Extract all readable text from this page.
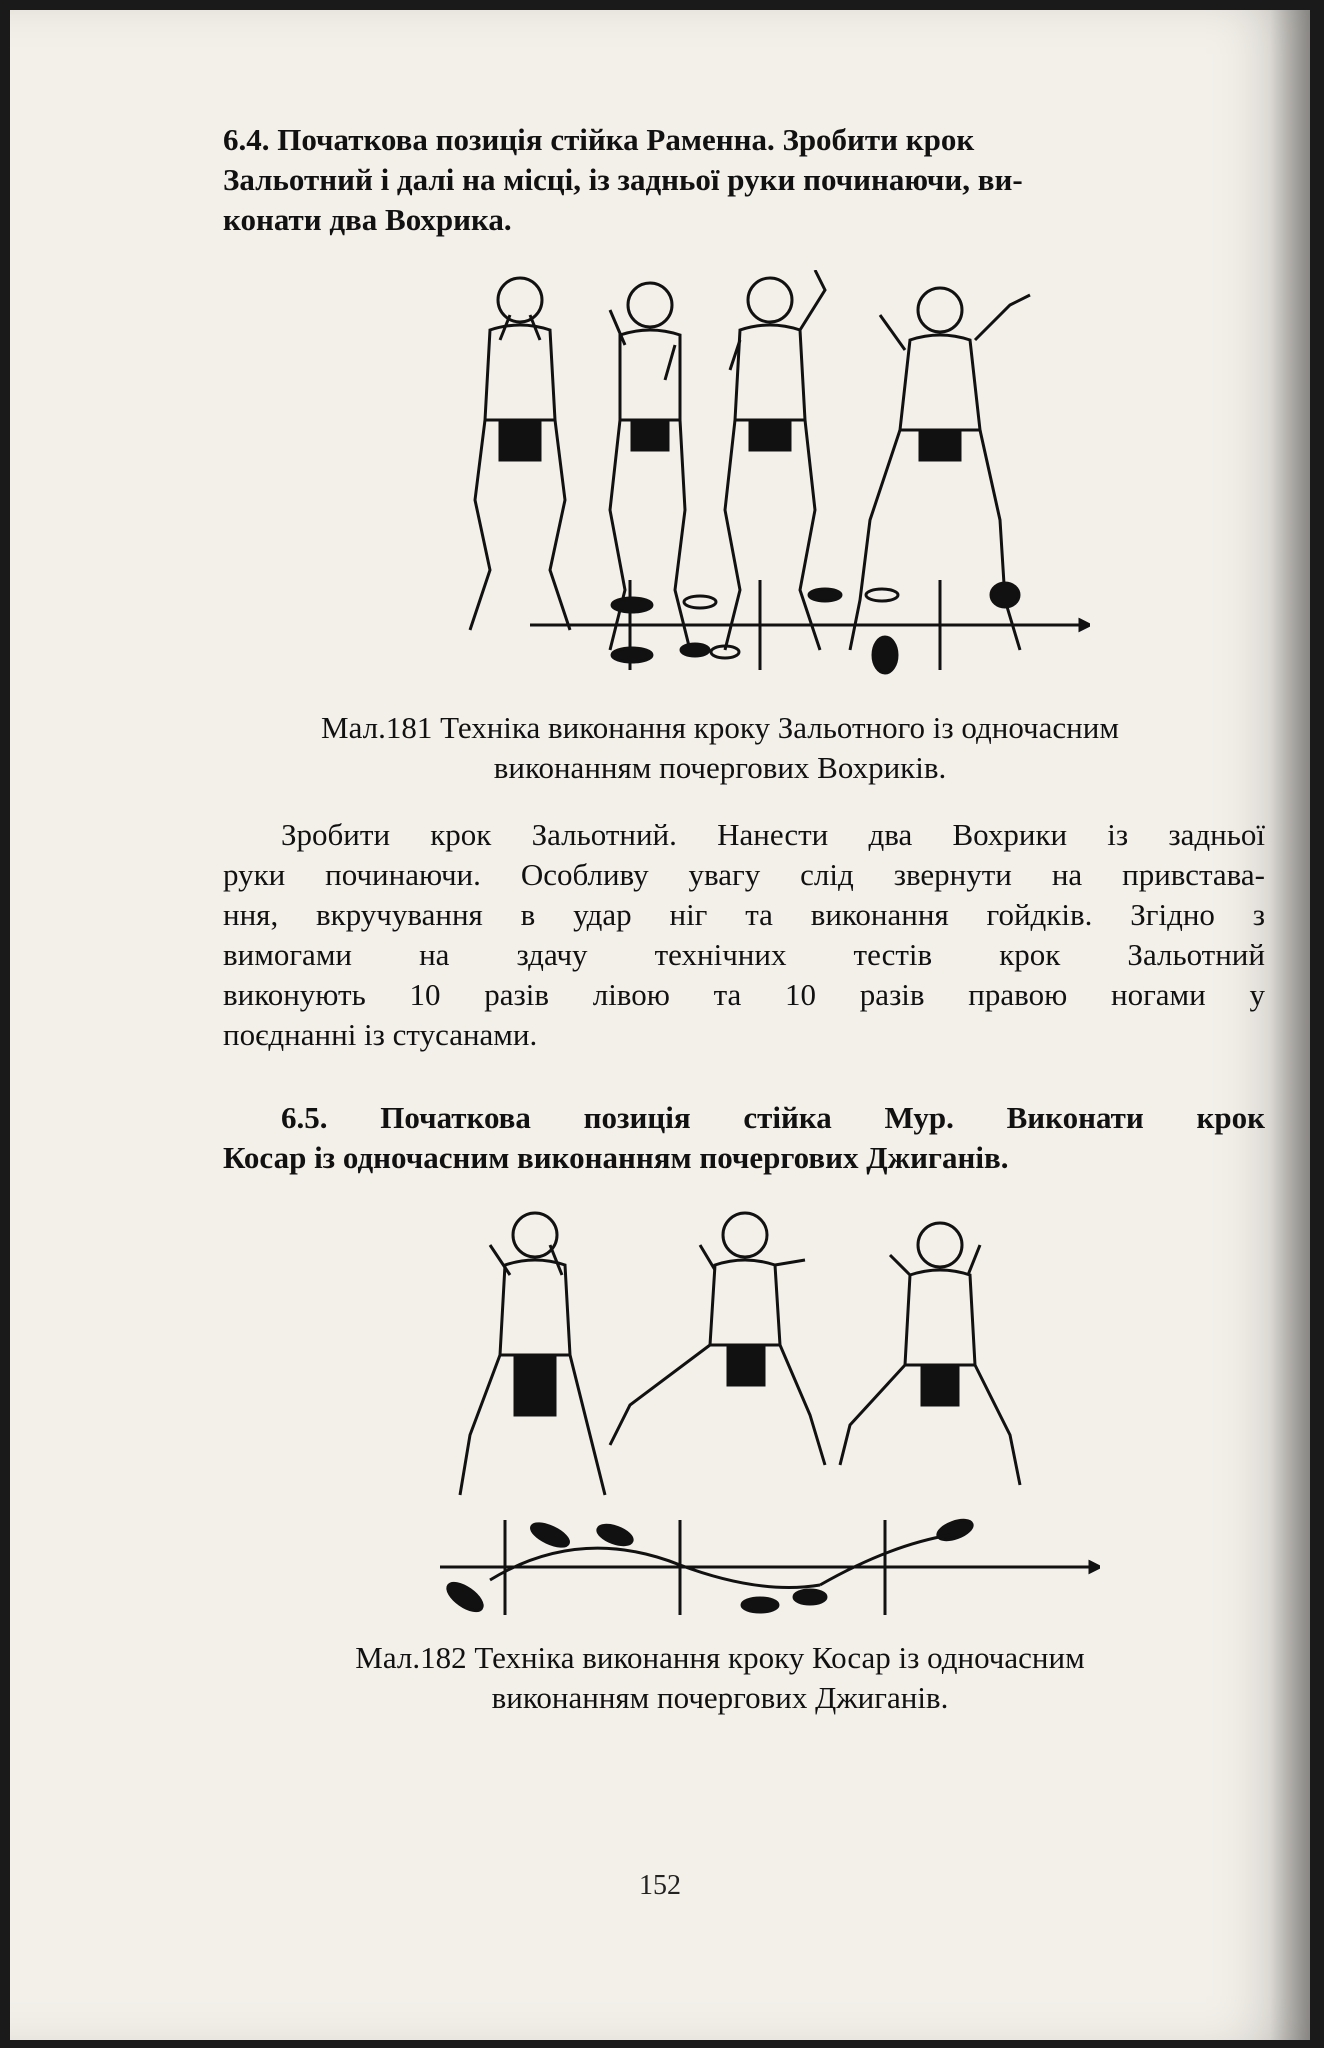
6.4. Початкова позиція стійка Раменна. Зробити крок
Зальотний і далі на місці, із задньої руки починаючи, ви-
конати два Вохрика.
Мал.181 Техніка виконання кроку Зальотного із одночасним
виконанням почергових Вохриків.
Зробити крок Зальотний. Нанести два Вохрики із задньої
руки починаючи. Особливу увагу слід звернути на привстава-
ння, вкручування в удар ніг та виконання гойдків. Згідно з
вимогами на здачу технічних тестів крок Зальотний
виконують 10 разів лівою та 10 разів правою ногами у
поєднанні із стусанами.
6.5. Початкова позиція стійка Мур. Виконати крок
Косар із одночасним виконанням почергових Джиганів.
Мал.182 Техніка виконання кроку Косар із одночасним
виконанням почергових Джиганів.
152
